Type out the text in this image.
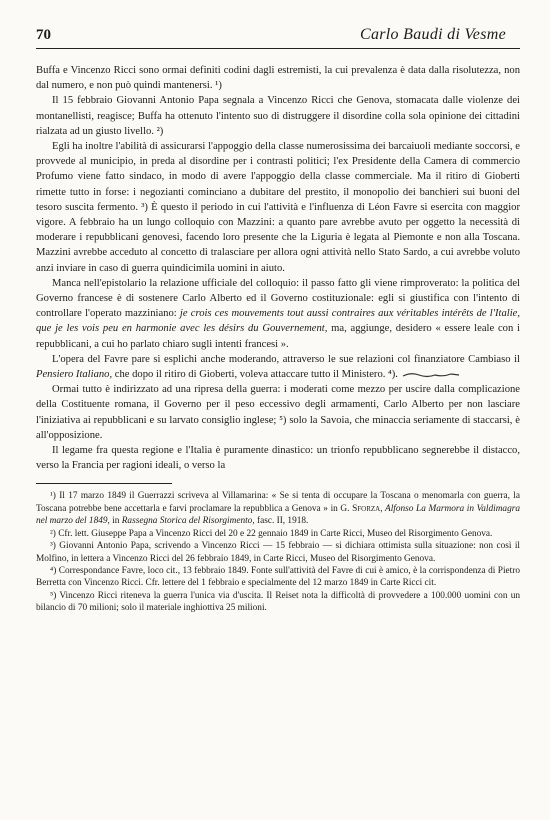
70	Carlo Baudi di Vesme

Buffa e Vincenzo Ricci sono ormai definiti codini dagli estremisti, la cui prevalenza è data dalla risolutezza, non dal numero, e non può quindi mantenersi. ¹)

Il 15 febbraio Giovanni Antonio Papa segnala a Vincenzo Ricci che Genova, stomacata dalle violenze dei montanellisti, reagisce; Buffa ha ottenuto l'intento suo di distruggere il disordine colla sola opinione dei cittadini rialzata ad un giusto livello. ²)

Egli ha inoltre l'abilità di assicurarsi l'appoggio della classe numerosissima dei barcaiuoli mediante soccorsi, e provvede al municipio, in preda al disordine per i contrasti politici; l'ex Presidente della Camera di commercio Profumo viene fatto sindaco, in modo di avere l'appoggio della classe commerciale. Ma il ritiro di Gioberti rimette tutto in forse: i negozianti cominciano a dubitare del prestito, il monopolio dei banchieri sui buoni del tesoro suscita fermento. ³) È questo il periodo in cui l'attività e l'influenza di Léon Favre si esercita con maggior vigore. A febbraio ha un lungo colloquio con Mazzini: a quanto pare avrebbe avuto per oggetto la necessità di moderare i repubblicani genovesi, facendo loro presente che la Liguria è legata al Piemonte e non alla Toscana. Mazzini avrebbe acceduto al concetto di tralasciare per allora ogni attività nello Stato Sardo, a cui avrebbe voluto anzi inviare in caso di guerra quindicimila uomini in aiuto.

Manca nell'epistolario la relazione ufficiale del colloquio: il passo fatto gli viene rimproverato: la politica del Governo francese è di sostenere Carlo Alberto ed il Governo costituzionale: egli si giustifica con l'intento di controllare l'operato mazziniano: je crois ces mouvements tout aussi contraires aux véritables intérêts de l'Italie, que je les vois peu en harmonie avec les désirs du Gouvernement, ma, aggiunge, desidero « essere leale con i repubblicani, a cui ho parlato chiaro sugli intenti francesi ».

L'opera del Favre pare si esplichi anche moderando, attraverso le sue relazioni col finanziatore Cambiaso il Pensiero Italiano, che dopo il ritiro di Gioberti, voleva attaccare tutto il Ministero. ⁴).

Ormai tutto è indirizzato ad una ripresa della guerra: i moderati come mezzo per uscire dalla complicazione della Costituente romana, il Governo per il peso eccessivo degli armamenti, Carlo Alberto per non lasciare l'iniziativa ai repubblicani e su larvato consiglio inglese; ⁵) solo la Savoia, che minaccia seriamente di staccarsi, è all'opposizione.

Il legame fra questa regione e l'Italia è puramente dinastico: un trionfo repubblicano segnerebbe il distacco, verso la Francia per ragioni ideali, o verso la

¹) Il 17 marzo 1849 il Guerrazzi scriveva al Villamarina: « Se si tenta di occupare la Toscana o menomarla con guerra, la Toscana potrebbe bene accettarla e farvi proclamare la repubblica a Genova » in G. Sforza, Alfonso La Marmora in Valdimagra nel marzo del 1849, in Rassegna Storica del Risorgimento, fasc. II, 1918.

²) Cfr. lett. Giuseppe Papa a Vincenzo Ricci del 20 e 22 gennaio 1849 in Carte Ricci, Museo del Risorgimento Genova.

³) Giovanni Antonio Papa, scrivendo a Vincenzo Ricci — 15 febbraio — si dichiara ottimista sulla situazione: non così il Molfino, in lettera a Vincenzo Ricci del 26 febbraio 1849, in Carte Ricci, Museo del Risorgimento Genova.

⁴) Correspondance Favre, loco cit., 13 febbraio 1849. Fonte sull'attività del Favre di cui è amico, è la corrispondenza di Pietro Berretta con Vincenzo Ricci. Cfr. lettere del 1 febbraio e specialmente del 12 marzo 1849 in Carte Ricci cit.

⁵) Vincenzo Ricci riteneva la guerra l'unica via d'uscita. Il Reiset nota la difficoltà di provvedere a 100.000 uomini con un bilancio di 70 milioni; solo il materiale inghiottiva 25 milioni.
